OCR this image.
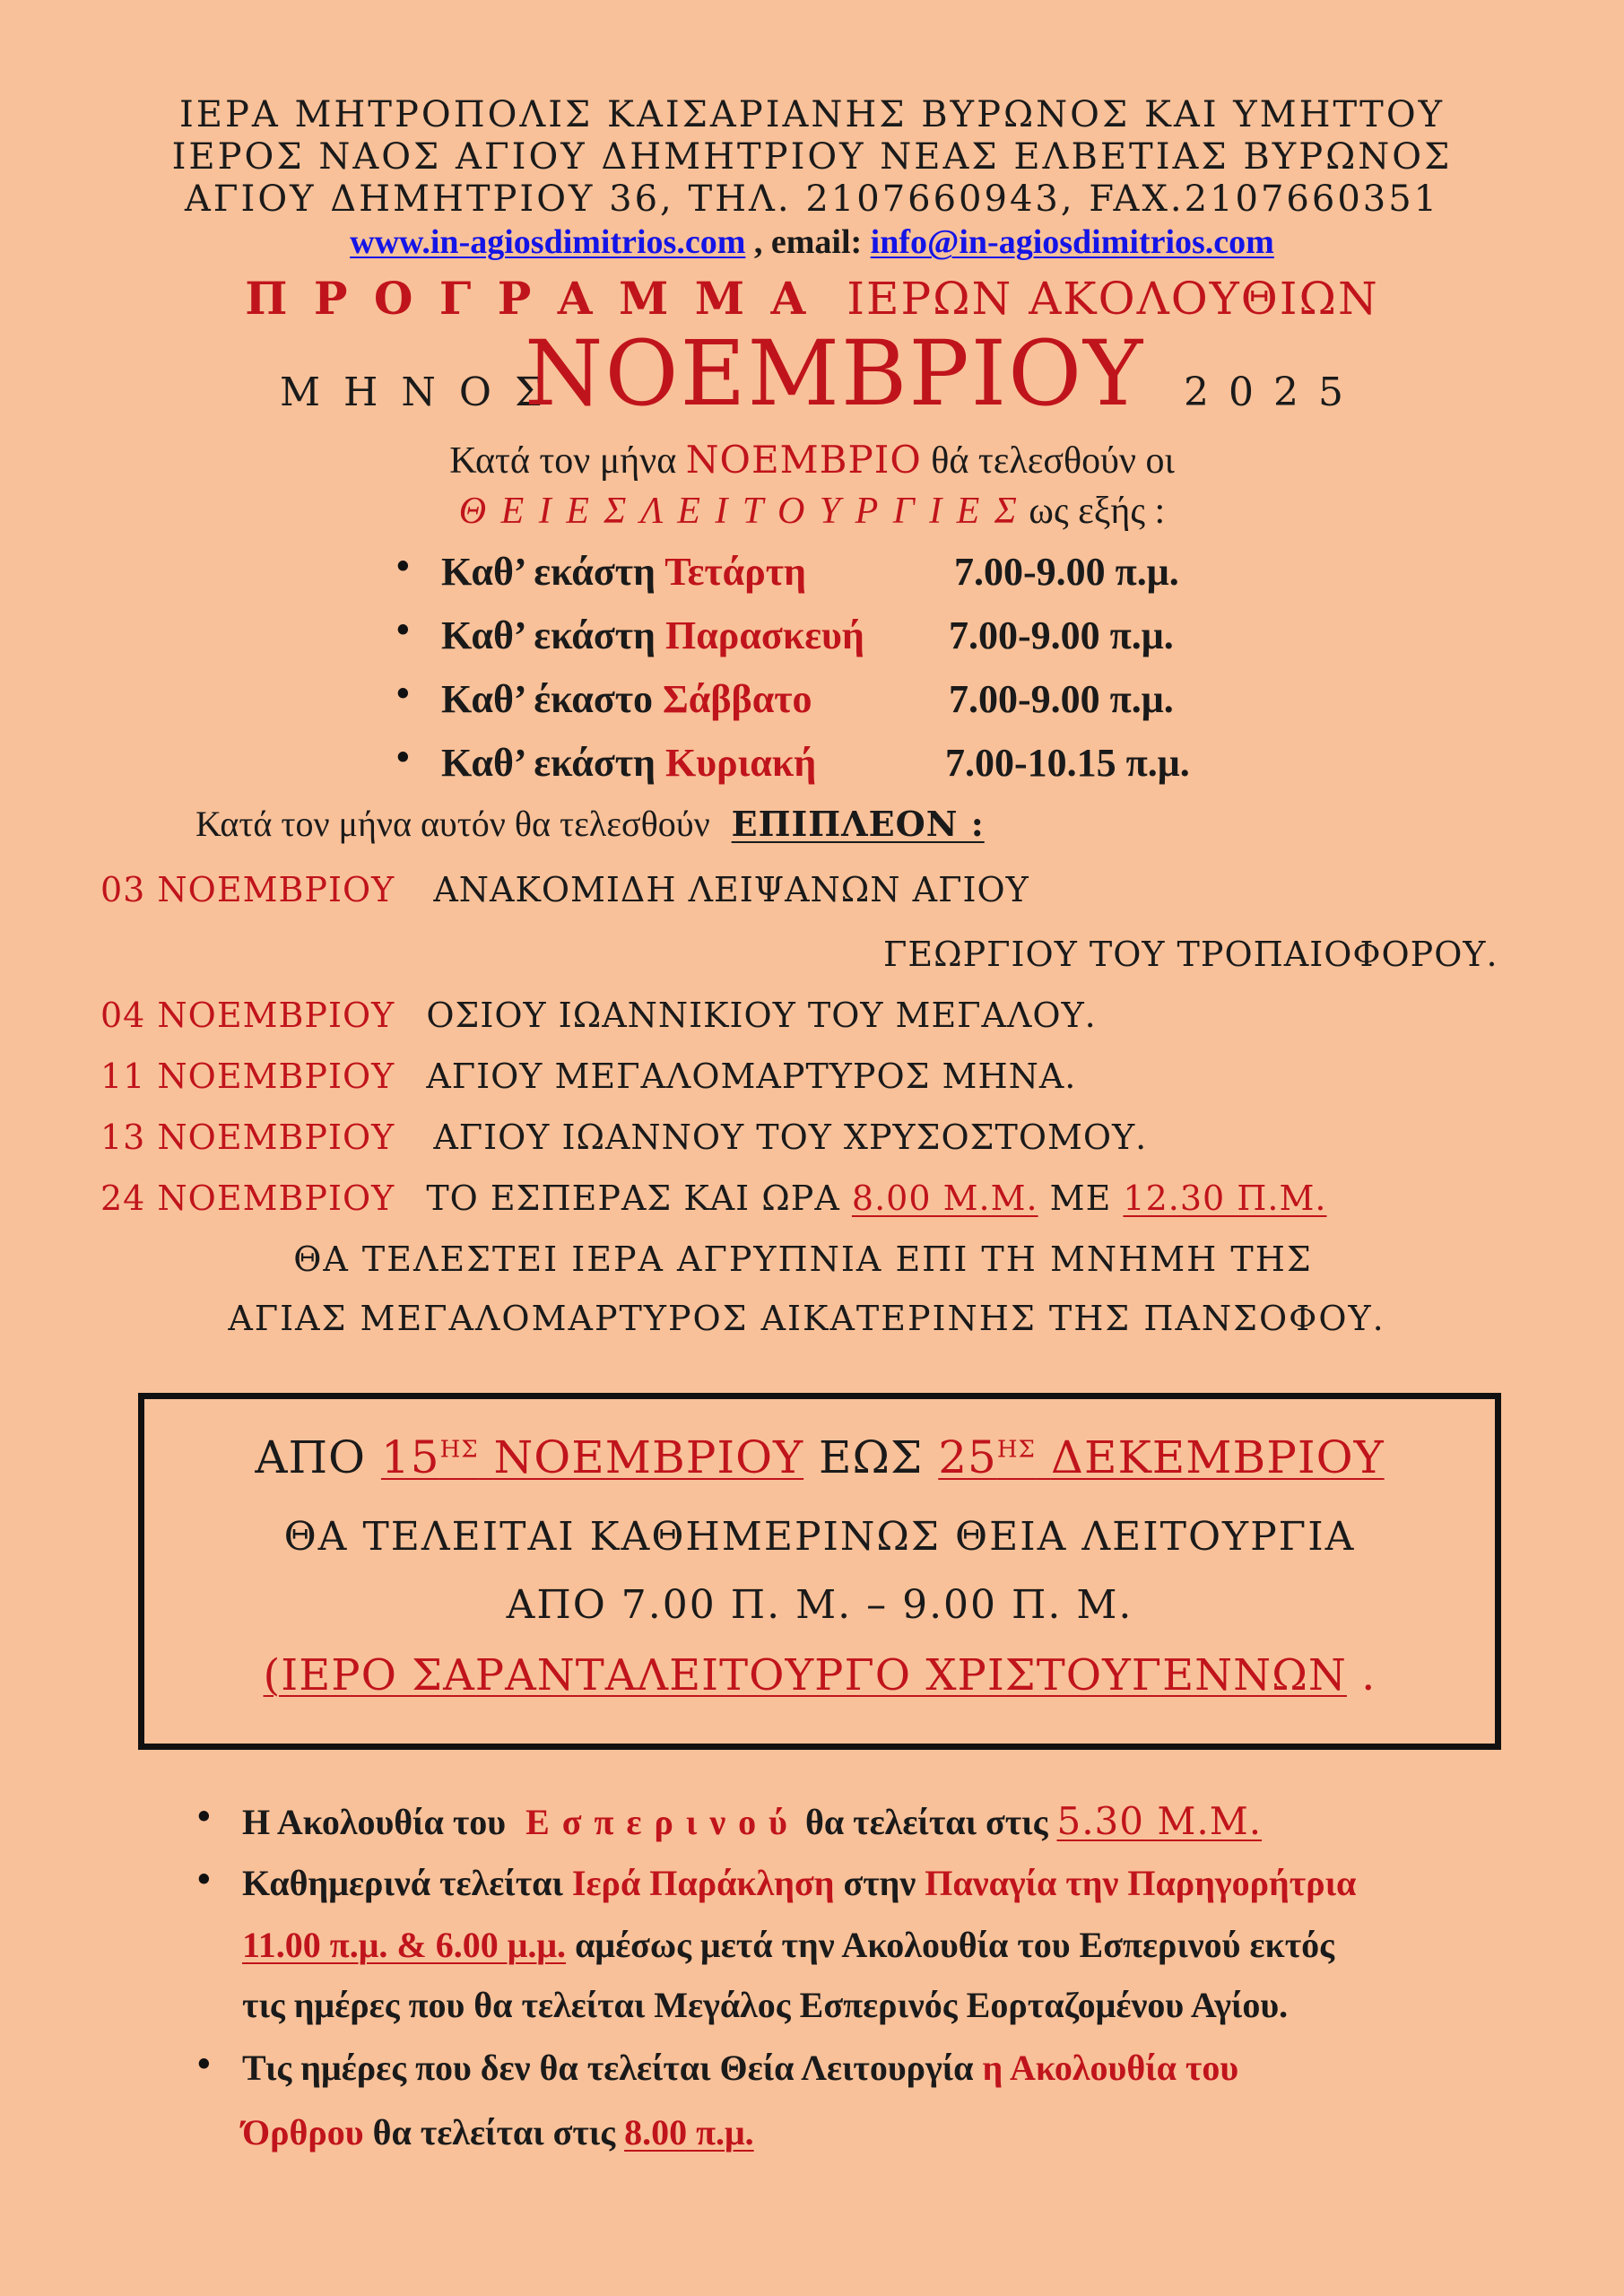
ΙΕΡΑ ΜΗΤΡΟΠΟΛΙΣ ΚΑΙΣΑΡΙΑΝΗΣ ΒΥΡΩΝΟΣ ΚΑΙ ΥΜΗΤΤΟΥ
ΙΕΡΟΣ ΝΑΟΣ ΑΓΙΟΥ ΔΗΜΗΤΡΙΟΥ ΝΕΑΣ ΕΛΒΕΤΙΑΣ ΒΥΡΩΝΟΣ
ΑΓΙΟΥ ΔΗΜΗΤΡΙΟΥ 36, ΤΗΛ. 2107660943, FAX.2107660351
www.in-agiosdimitrios.com , email: info@in-agiosdimitrios.com
Π Ρ Ο Γ Ρ Α Μ Μ Α ΙΕΡΩΝ ΑΚΟΛΟΥΘΙΩΝ
Μ Η Ν Ο Σ
ΝΟΕΜΒΡΙΟΥ 2 0 2 5
Κατά τον μήνα ΝΟΕΜΒΡΙΟ θά τελεσθούν οι
Θ Ε Ι Ε Σ Λ Ε Ι Τ Ο Υ Ρ Γ Ι Ε Σ ως εξής :
• Καθ’ εκάστη Τετάρτη	7.00-9.00 π.μ.
• Καθ’ εκάστη Παρασκευή 7.00-9.00 π.μ.
• Καθ’ έκαστο Σάββατο	7.00-9.00 π.μ.
• Καθ’ εκάστη Κυριακή	7.00-10.15 π.μ.
Κατά τον μήνα αυτόν θα τελεσθούν ΕΠΙΠΛΕΟΝ :
03 ΝΟΕΜΒΡΙΟΥ ΑΝΑΚΟΜΙΔΗ ΛΕΙΨΑΝΩΝ ΑΓΙΟΥ
ΓΕΩΡΓΙΟΥ ΤΟΥ ΤΡΟΠΑΙΟΦΟΡΟΥ.
04 ΝΟΕΜΒΡΙΟΥ ΟΣΙΟΥ ΙΩΑΝΝΙΚΙΟΥ ΤΟΥ ΜΕΓΑΛΟΥ.
11 ΝΟΕΜΒΡΙΟΥ ΑΓΙΟΥ ΜΕΓΑΛΟΜΑΡΤΥΡΟΣ ΜΗΝΑ.
13 ΝΟΕΜΒΡΙΟΥ ΑΓΙΟΥ ΙΩΑΝΝΟΥ ΤΟΥ ΧΡΥΣΟΣΤΟΜΟΥ.
24 ΝΟΕΜΒΡΙΟΥ ΤΟ ΕΣΠΕΡΑΣ ΚΑΙ ΩΡΑ 8.00 Μ.Μ. ΜΕ 12.30 Π.Μ.
ΘΑ ΤΕΛΕΣΤΕΙ ΙΕΡΑ ΑΓΡΥΠΝΙΑ ΕΠΙ ΤΗ ΜΝΗΜΗ ΤΗΣ
ΑΓΙΑΣ ΜΕΓΑΛΟΜΑΡΤΥΡΟΣ ΑΙΚΑΤΕΡΙΝΗΣ ΤΗΣ ΠΑΝΣΟΦΟΥ.
ΑΠΟ $15^{H\Sigma}$ ΝΟΕΜΒΡΙΟΥ ΕΩΣ $25^{H\Sigma}$ ΔΕΚΕΜΒΡΙΟΥ
ΘΑ ΤΕΛΕΙΤΑΙ ΚΑΘΗΜΕΡΙΝΩΣ ΘΕΙΑ ΛΕΙΤΟΥΡΓΙΑ
ΑΠΟ 7.00 Π. Μ. – 9.00 Π. Μ.
(ΙΕΡΟ ΣΑΡΑΝΤΑΛΕΙΤΟΥΡΓΟ ΧΡΙΣΤΟΥΓΕΝΝΩΝ .
• Η Ακολουθία του Ε σ π ε ρ ι ν ο ύ θα τελείται στις 5.30 Μ.Μ.
• Καθημερινά τελείται Ιερά Παράκληση στην Παναγία την Παρηγορήτρια
11.00 π.μ. & 6.00 μ.μ. αμέσως μετά την Ακολουθία του Εσπερινού εκτός
τις ημέρες που θα τελείται Μεγάλος Εσπερινός Εορταζομένου Αγίου.
• Τις ημέρες που δεν θα τελείται Θεία Λειτουργία η Ακολουθία του
Όρθρου θα τελείται στις 8.00 π.μ.
